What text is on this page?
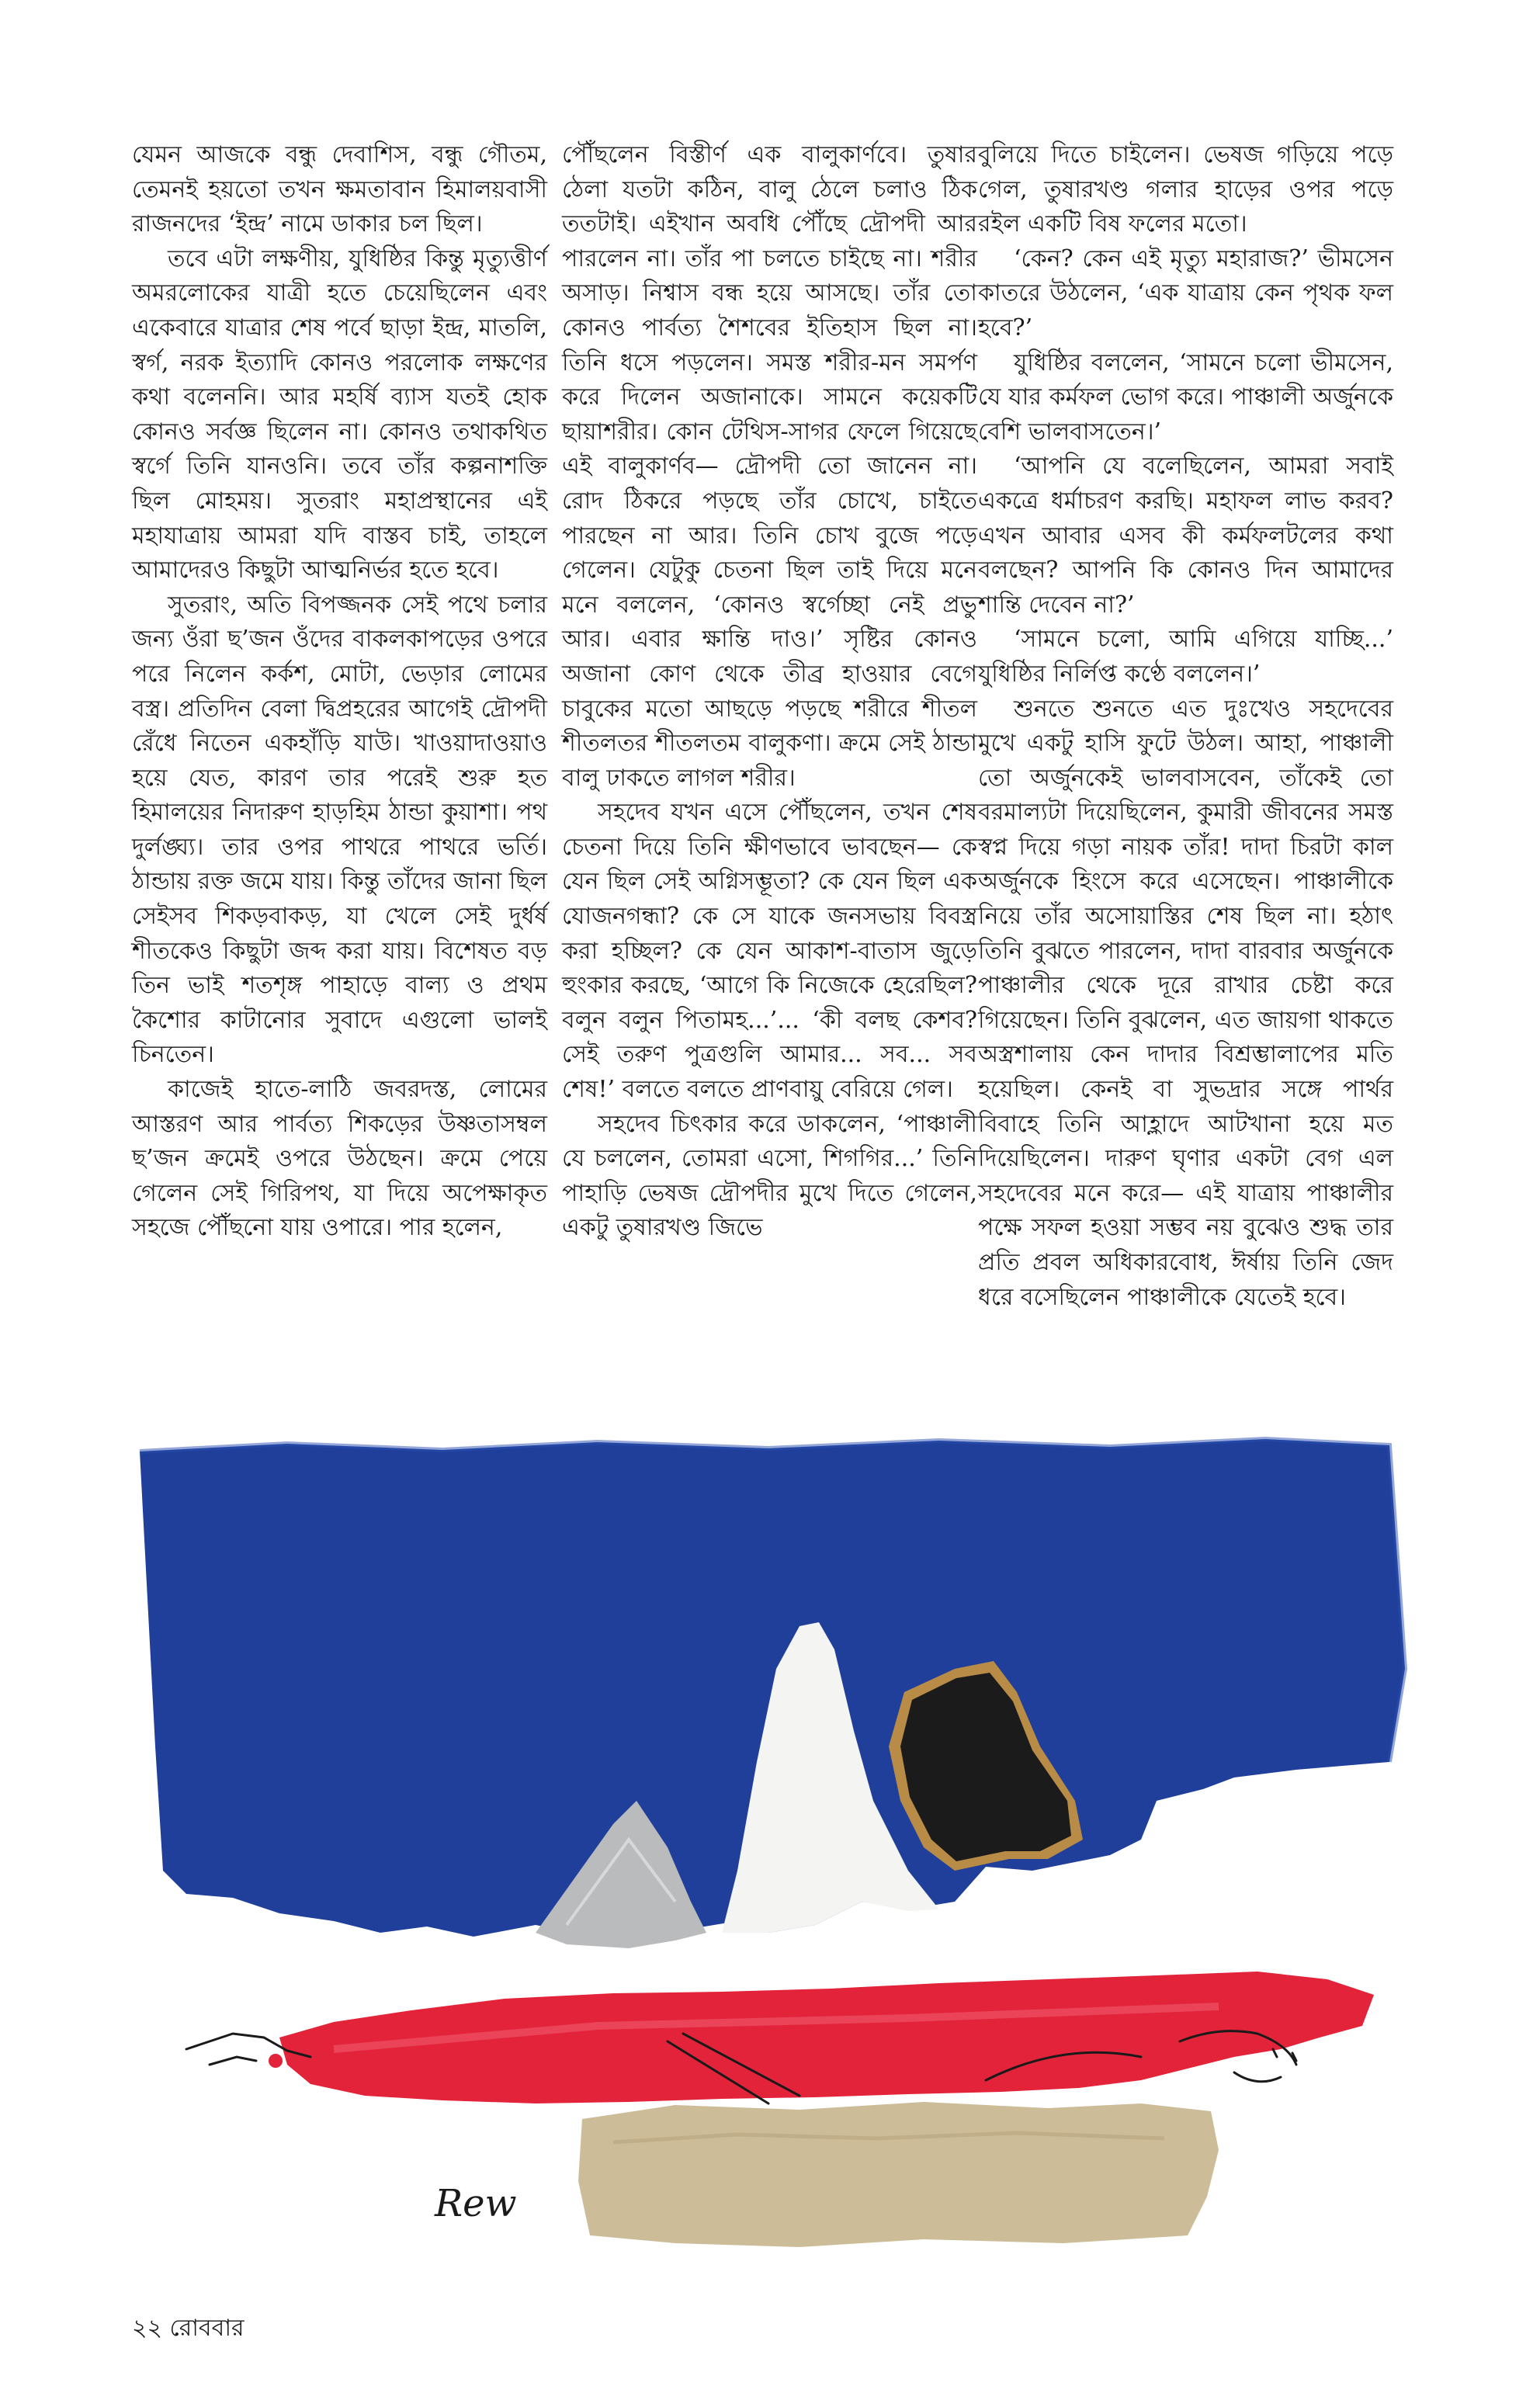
যেমন আজকে বন্ধু দেবাশিস, বন্ধু গৌতম, তেমনই হয়তো তখন ক্ষমতাবান হিমালয়বাসী রাজনদের ‘ইন্দ্র’ নামে ডাকার চল ছিল।

তবে এটা লক্ষণীয়, যুধিষ্ঠির কিন্তু মৃত্যুত্তীর্ণ অমরলোকের যাত্রী হতে চেয়েছিলেন এবং একেবারে যাত্রার শেষ পর্বে ছাড়া ইন্দ্র, মাতলি, স্বর্গ, নরক ইত্যাদি কোনও পরলোক লক্ষণের কথা বলেননি। আর মহর্ষি ব্যাস যতই হোক কোনও সর্বজ্ঞ ছিলেন না। কোনও তথাকথিত স্বর্গে তিনি যানওনি। তবে তাঁর কল্পনাশক্তি ছিল মোহময়। সুতরাং মহাপ্রস্থানের এই মহাযাত্রায় আমরা যদি বাস্তব চাই, তাহলে আমাদেরও কিছুটা আত্মনির্ভর হতে হবে।

সুতরাং, অতি বিপজ্জনক সেই পথে চলার জন্য ওঁরা ছ’জন ওঁদের বাকলকাপড়ের ওপরে পরে নিলেন কর্কশ, মোটা, ভেড়ার লোমের বস্ত্র। প্রতিদিন বেলা দ্বিপ্রহরের আগেই দ্রৌপদী রেঁধে নিতেন একহাঁড়ি যাউ। খাওয়াদাওয়াও হয়ে যেত, কারণ তার পরেই শুরু হত হিমালয়ের নিদারুণ হাড়হিম ঠান্ডা কুয়াশা। পথ দুর্লঙ্ঘ্য। তার ওপর পাথরে পাথরে ভর্তি। ঠান্ডায় রক্ত জমে যায়। কিন্তু তাঁদের জানা ছিল সেইসব শিকড়বাকড়, যা খেলে সেই দুর্ধর্ষ শীতকেও কিছুটা জব্দ করা যায়। বিশেষত বড় তিন ভাই শতশৃঙ্গ পাহাড়ে বাল্য ও প্রথম কৈশোর কাটানোর সুবাদে এগুলো ভালই চিনতেন।

কাজেই হাতে-লাঠি জবরদস্ত, লোমের আস্তরণ আর পার্বত্য শিকড়ের উষ্ণতাসম্বল ছ’জন ক্রমেই ওপরে উঠছেন। ক্রমে পেয়ে গেলেন সেই গিরিপথ, যা দিয়ে অপেক্ষাকৃত সহজে পৌঁছনো যায় ওপারে। পার হলেন,

পৌঁছলেন বিস্তীর্ণ এক বালুকার্ণবে। তুষার ঠেলা যতটা কঠিন, বালু ঠেলে চলাও ঠিক ততটাই। এইখান অবধি পৌঁছে দ্রৌপদী আর পারলেন না। তাঁর পা চলতে চাইছে না। শরীর অসাড়। নিশ্বাস বন্ধ হয়ে আসছে। তাঁর তো কোনও পার্বত্য শৈশবের ইতিহাস ছিল না। তিনি ধসে পড়লেন। সমস্ত শরীর-মন সমর্পণ করে দিলেন অজানাকে। সামনে কয়েকটি ছায়াশরীর। কোন টেথিস-সাগর ফেলে গিয়েছে এই বালুকার্ণব— দ্রৌপদী তো জানেন না। রোদ ঠিকরে পড়ছে তাঁর চোখে, চাইতে পারছেন না আর। তিনি চোখ বুজে পড়ে গেলেন। যেটুকু চেতনা ছিল তাই দিয়ে মনে মনে বললেন, ‘কোনও স্বর্গেচ্ছা নেই প্রভু আর। এবার ক্ষান্তি দাও।’ সৃষ্টির কোনও অজানা কোণ থেকে তীব্র হাওয়ার বেগে চাবুকের মতো আছড়ে পড়ছে শরীরে শীতল শীতলতর শীতলতম বালুকণা। ক্রমে সেই ঠান্ডা বালু ঢাকতে লাগল শরীর।

সহদেব যখন এসে পৌঁছলেন, তখন শেষ চেতনা দিয়ে তিনি ক্ষীণভাবে ভাবছেন— কে যেন ছিল সেই অগ্নিসম্ভূতা? কে যেন ছিল এক যোজনগন্ধা? কে সে যাকে জনসভায় বিবস্ত্র করা হচ্ছিল? কে যেন আকাশ-বাতাস জুড়ে হুংকার করছে, ‘আগে কি নিজেকে হেরেছিল? বলুন বলুন পিতামহ...’... ‘কী বলছ কেশব? সেই তরুণ পুত্রগুলি আমার... সব... সব শেষ!’ বলতে বলতে প্রাণবায়ু বেরিয়ে গেল।

সহদেব চিৎকার করে ডাকলেন, ‘পাঞ্চালী যে চললেন, তোমরা এসো, শিগগির...’ তিনি পাহাড়ি ভেষজ দ্রৌপদীর মুখে দিতে গেলেন, একটু তুষারখণ্ড জিভে

বুলিয়ে দিতে চাইলেন। ভেষজ গড়িয়ে পড়ে গেল, তুষারখণ্ড গলার হাড়ের ওপর পড়ে রইল একটি বিষ ফলের মতো।

‘কেন? কেন এই মৃত্যু মহারাজ?’ ভীমসেন কাতরে উঠলেন, ‘এক যাত্রায় কেন পৃথক ফল হবে?’

যুধিষ্ঠির বললেন, ‘সামনে চলো ভীমসেন, যে যার কর্মফল ভোগ করে। পাঞ্চালী অর্জুনকে বেশি ভালবাসতেন।’

‘আপনি যে বলেছিলেন, আমরা সবাই একত্রে ধর্মাচরণ করছি। মহাফল লাভ করব? এখন আবার এসব কী কর্মফলটলের কথা বলছেন? আপনি কি কোনও দিন আমাদের শান্তি দেবেন না?’

‘সামনে চলো, আমি এগিয়ে যাচ্ছি...’ যুধিষ্ঠির নির্লিপ্ত কণ্ঠে বললেন।’

শুনতে শুনতে এত দুঃখেও সহদেবের মুখে একটু হাসি ফুটে উঠল। আহা, পাঞ্চালী তো অর্জুনকেই ভালবাসবেন, তাঁকেই তো বরমাল্যটা দিয়েছিলেন, কুমারী জীবনের সমস্ত স্বপ্ন দিয়ে গড়া নায়ক তাঁর! দাদা চিরটা কাল অর্জুনকে হিংসে করে এসেছেন। পাঞ্চালীকে নিয়ে তাঁর অসোয়াস্তির শেষ ছিল না। হঠাৎ তিনি বুঝতে পারলেন, দাদা বারবার অর্জুনকে পাঞ্চালীর থেকে দূরে রাখার চেষ্টা করে গিয়েছেন। তিনি বুঝলেন, এত জায়গা থাকতে অস্ত্রশালায় কেন দাদার বিশ্রম্ভালাপের মতি হয়েছিল। কেনই বা সুভদ্রার সঙ্গে পার্থর বিবাহে তিনি আহ্লাদে আটখানা হয়ে মত দিয়েছিলেন। দারুণ ঘৃণার একটা বেগ এল সহদেবের মনে করে— এই যাত্রায় পাঞ্চালীর পক্ষে সফল হওয়া সম্ভব নয় বুঝেও শুদ্ধ তার প্রতি প্রবল অধিকারবোধ, ঈর্ষায় তিনি জেদ ধরে বসেছিলেন পাঞ্চালীকে যেতেই হবে।

Rew
২২ রোববার
